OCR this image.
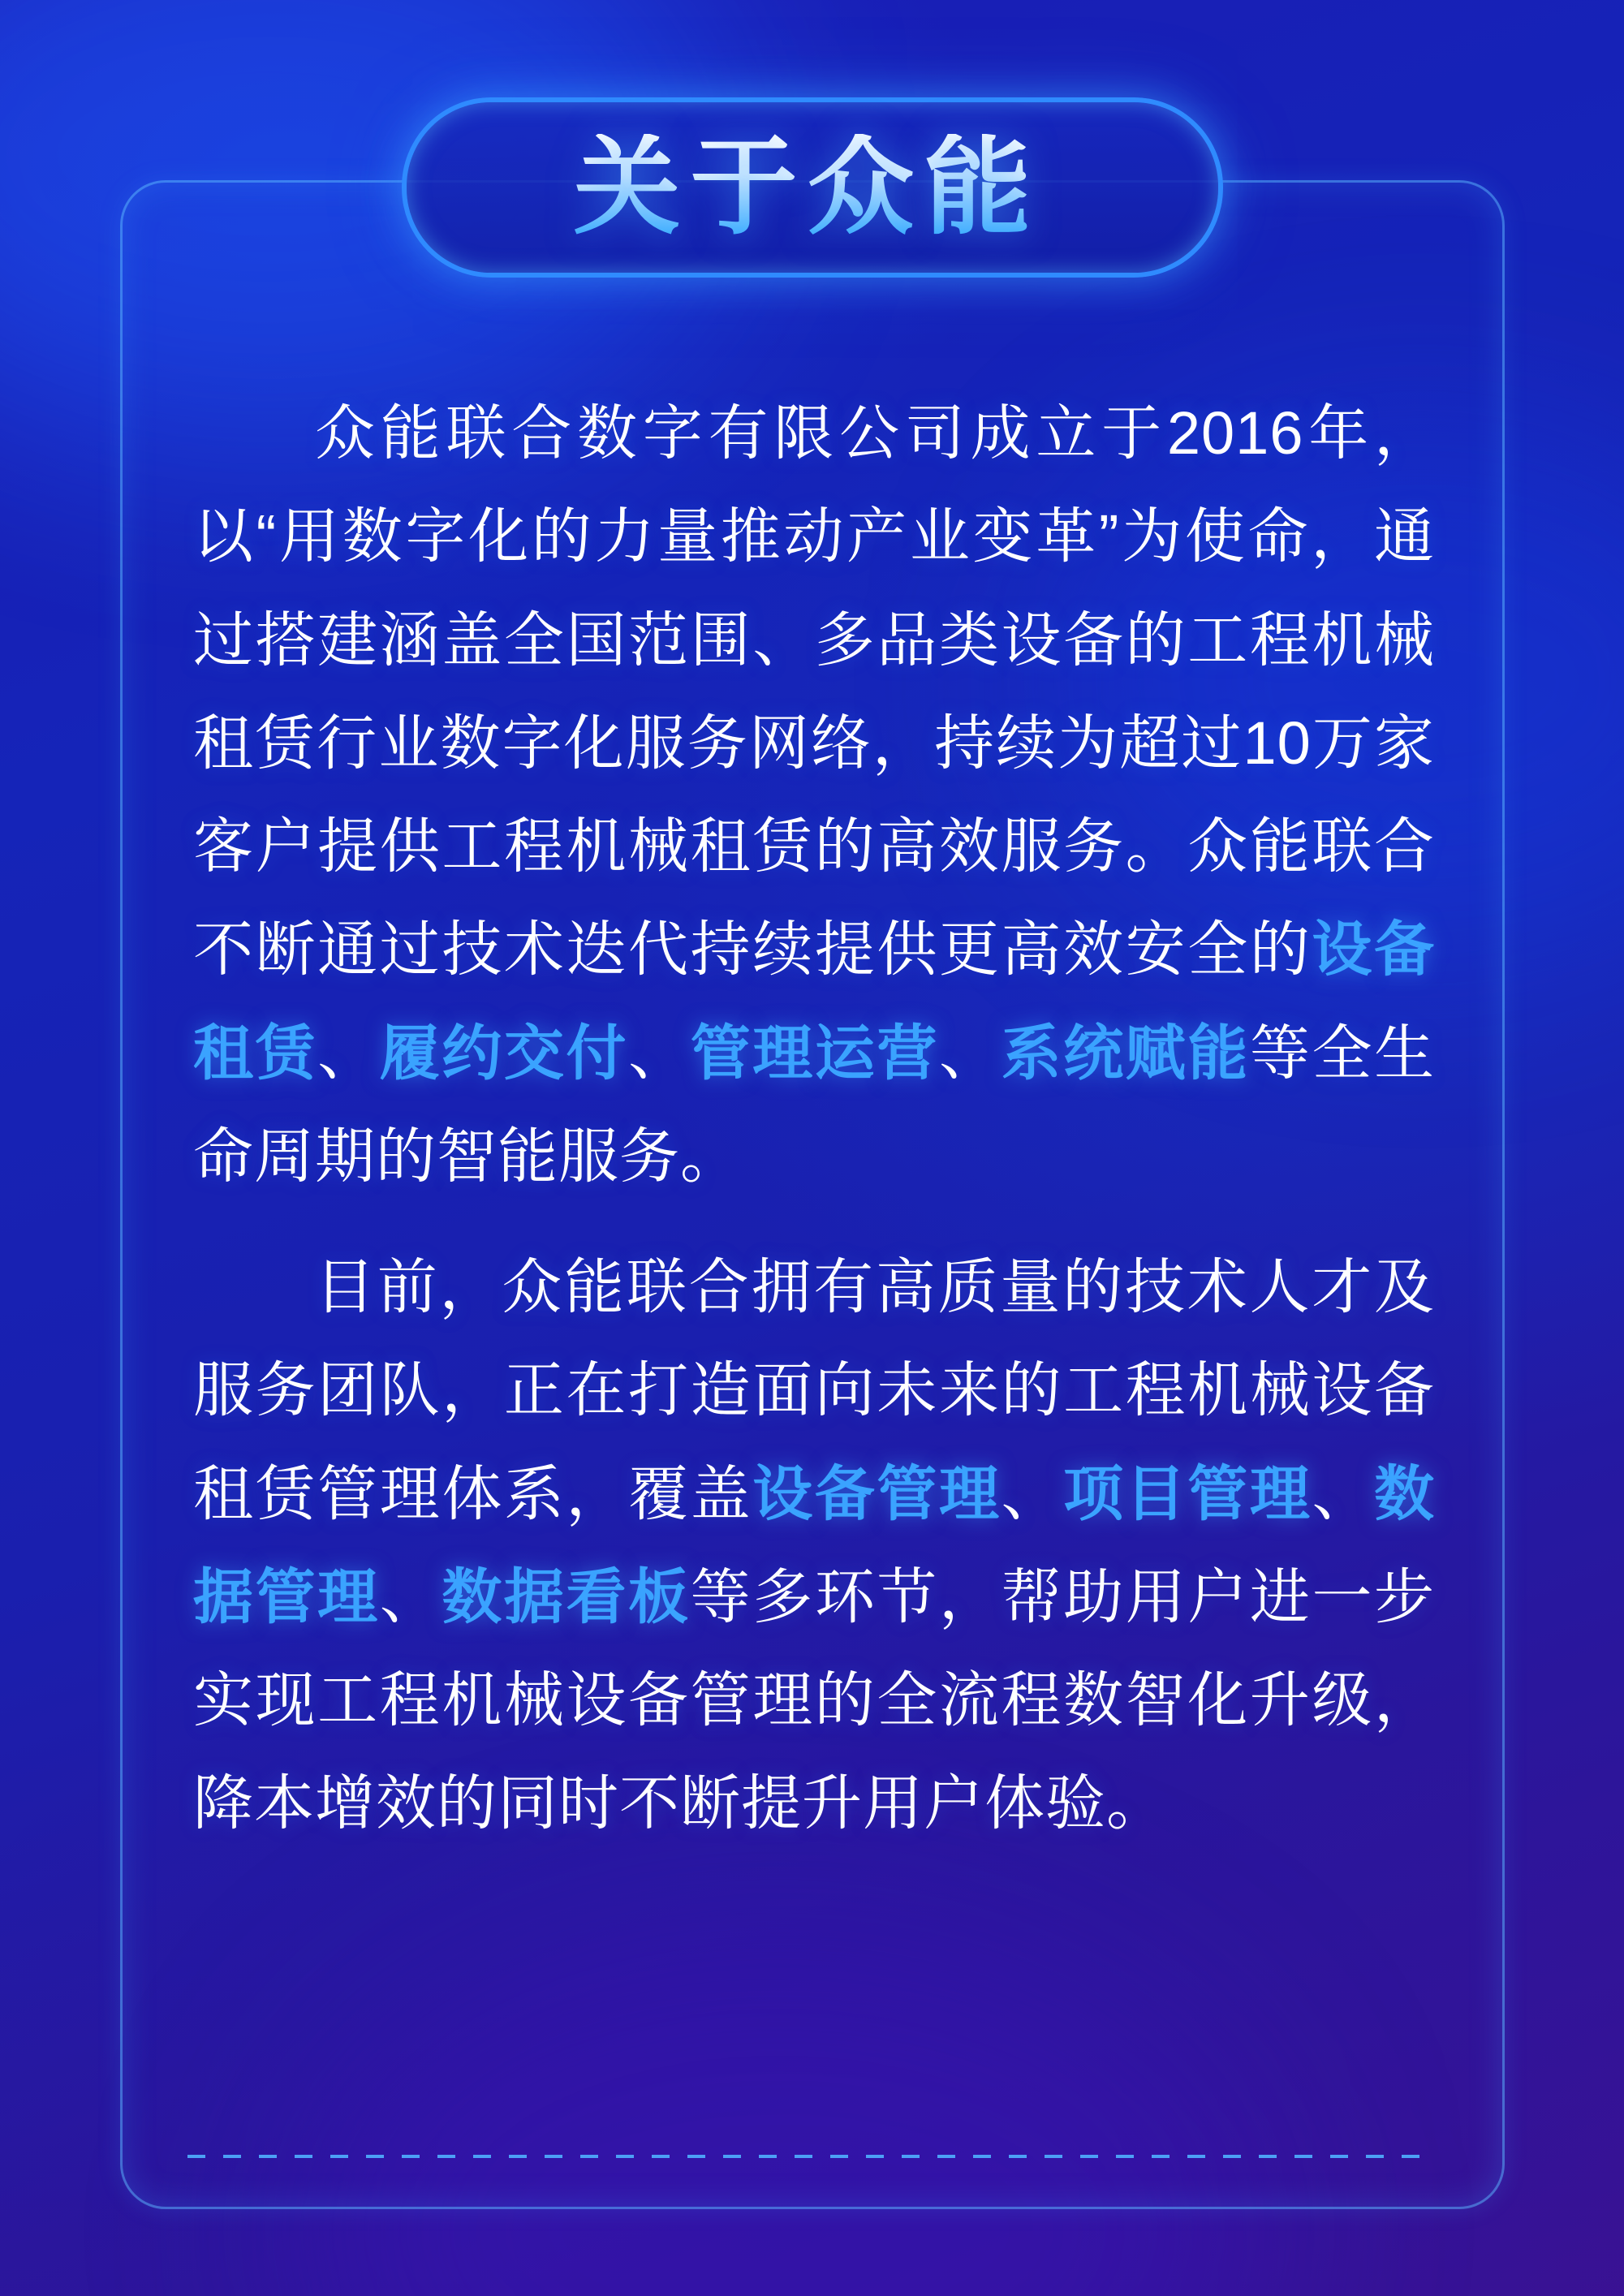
关于众能

众能联合数字有限公司成立于2016年，以“用数字化的力量推动产业变革”为使命，通过搭建涵盖全国范围、多品类设备的工程机械租赁行业数字化服务网络，持续为超过10万家客户提供工程机械租赁的高效服务。众能联合不断通过技术迭代持续提供更高效安全的设备租赁、履约交付、管理运营、系统赋能等全生命周期的智能服务。

目前，众能联合拥有高质量的技术人才及服务团队，正在打造面向未来的工程机械设备租赁管理体系，覆盖设备管理、项目管理、数据管理、数据看板等多环节，帮助用户进一步实现工程机械设备管理的全流程数智化升级，降本增效的同时不断提升用户体验。
